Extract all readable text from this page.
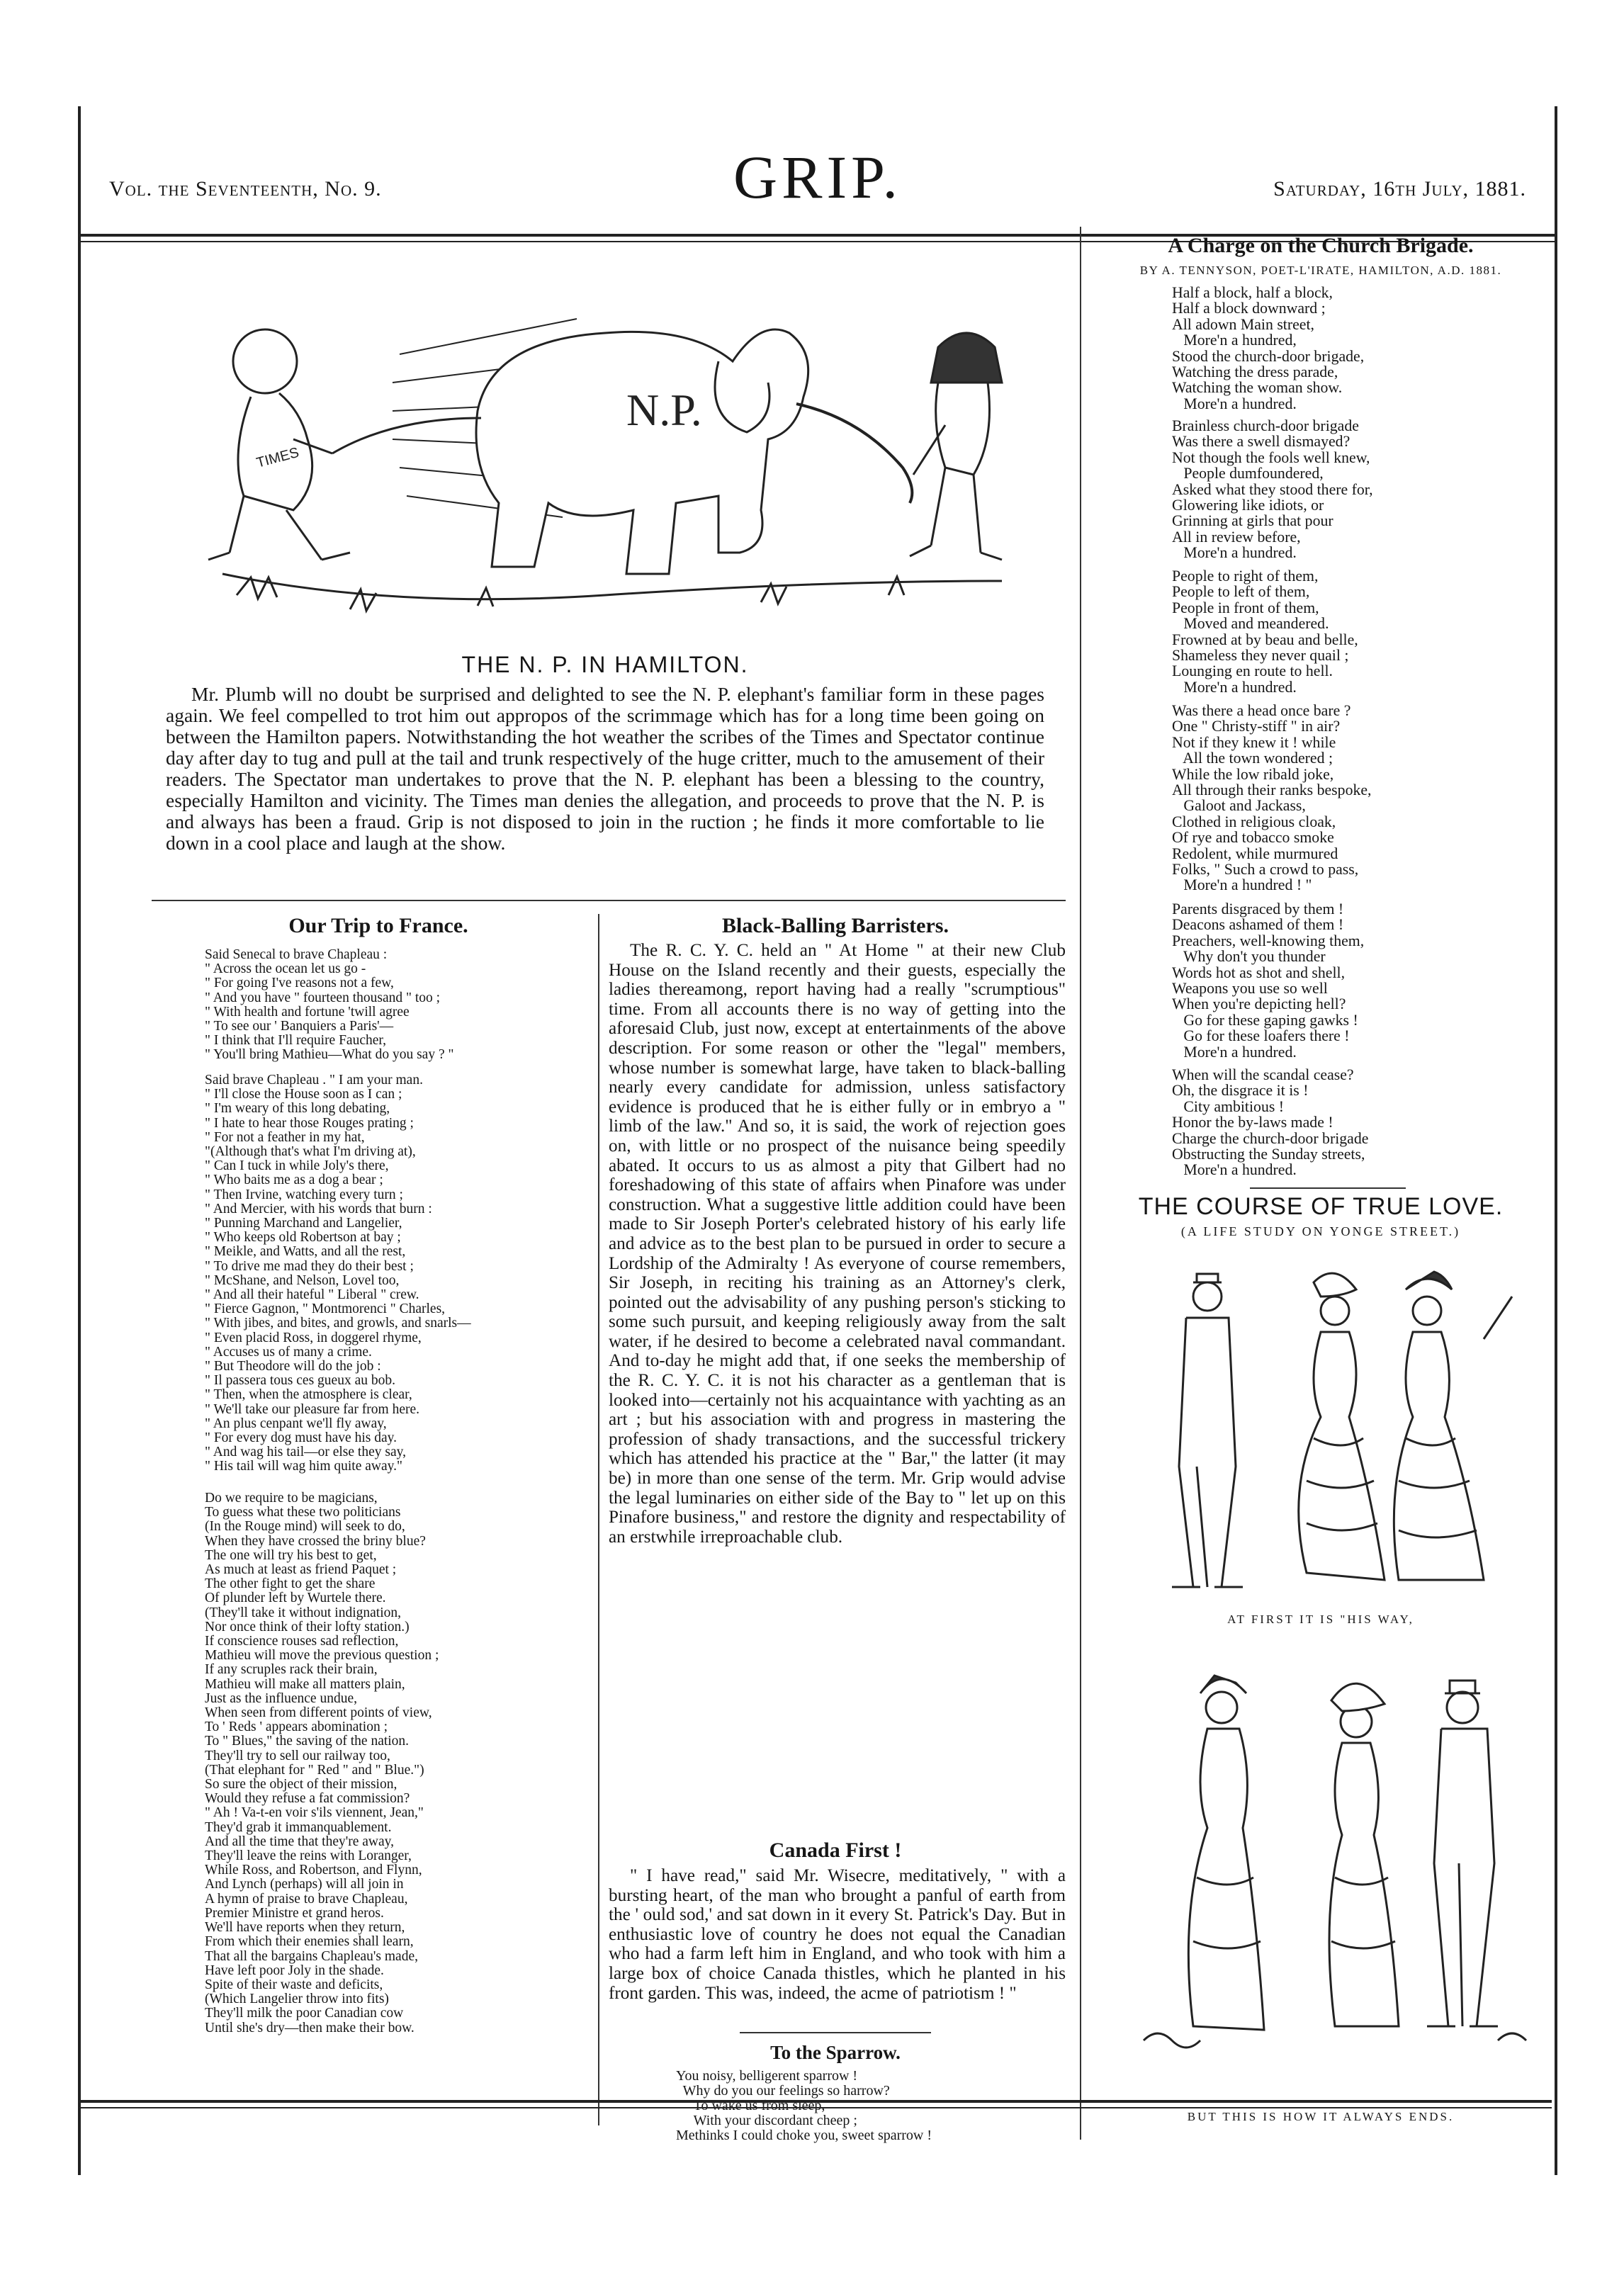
Vol. the Seventeenth, No. 9.	GRIP.	Saturday, 16th July, 1881.
N.P.
TIMES
THE N. P. IN HAMILTON.

Mr. Plumb will no doubt be surprised and delighted to see the N. P. elephant's familiar form in these pages again. We feel compelled to trot him out appropos of the scrimmage which has for a long time been going on between the Hamilton papers. Notwithstanding the hot weather the scribes of the Times and Spectator continue day after day to tug and pull at the tail and trunk respectively of the huge critter, much to the amusement of their readers. The Spectator man undertakes to prove that the N. P. elephant has been a blessing to the country, especially Hamilton and vicinity. The Times man denies the allegation, and proceeds to prove that the N. P. is and always has been a fraud. Grip is not disposed to join in the ruction ; he finds it more comfortable to lie down in a cool place and laugh at the show.

Our Trip to France.
Said Senecal to brave Chapleau :
" Across the ocean let us go -
" For going I've reasons not a few,
" And you have " fourteen thousand " too ;
" With health and fortune 'twill agree
" To see our ' Banquiers a Paris'—
" I think that I'll require Faucher,
" You'll bring Mathieu—What do you say ? "
Said brave Chapleau . " I am your man.
" I'll close the House soon as I can ;
" I'm weary of this long debating,
" I hate to hear those Rouges prating ;
" For not a feather in my hat,
"(Although that's what I'm driving at),
" Can I tuck in while Joly's there,
" Who baits me as a dog a bear ;
" Then Irvine, watching every turn ;
" And Mercier, with his words that burn :
" Punning Marchand and Langelier,
" Who keeps old Robertson at bay ;
" Meikle, and Watts, and all the rest,
" To drive me mad they do their best ;
" McShane, and Nelson, Lovel too,
" And all their hateful " Liberal " crew.
" Fierce Gagnon, " Montmorenci " Charles,
" With jibes, and bites, and growls, and snarls—
" Even placid Ross, in doggerel rhyme,
" Accuses us of many a crime.
" But Theodore will do the job :
" Il passera tous ces gueux au bob.
" Then, when the atmosphere is clear,
" We'll take our pleasure far from here.
" An plus cenpant we'll fly away,
" For every dog must have his day.
" And wag his tail—or else they say,
" His tail will wag him quite away."
Do we require to be magicians,
To guess what these two politicians
(In the Rouge mind) will seek to do,
When they have crossed the briny blue?
The one will try his best to get,
As much at least as friend Paquet ;
The other fight to get the share
Of plunder left by Wurtele there.
(They'll take it without indignation,
Nor once think of their lofty station.)
If conscience rouses sad reflection,
Mathieu will move the previous question ;
If any scruples rack their brain,
Mathieu will make all matters plain,
Just as the influence undue,
When seen from different points of view,
To ' Reds ' appears abomination ;
To " Blues," the saving of the nation.
They'll try to sell our railway too,
(That elephant for " Red " and " Blue.")
So sure the object of their mission,
Would they refuse a fat commission?
" Ah ! Va-t-en voir s'ils viennent, Jean,"
They'd grab it immanquablement.
And all the time that they're away,
They'll leave the reins with Loranger,
While Ross, and Robertson, and Flynn,
And Lynch (perhaps) will all join in
A hymn of praise to brave Chapleau,
Premier Ministre et grand heros.
We'll have reports when they return,
From which their enemies shall learn,
That all the bargains Chapleau's made,
Have left poor Joly in the shade.
Spite of their waste and deficits,
(Which Langelier throw into fits)
They'll milk the poor Canadian cow
Until she's dry—then make their bow.
Black-Balling Barristers.

The R. C. Y. C. held an " At Home " at their new Club House on the Island recently and their guests, especially the ladies thereamong, report having had a really "scrumptious" time. From all accounts there is no way of getting into the aforesaid Club, just now, except at entertainments of the above description. For some reason or other the "legal" members, whose number is somewhat large, have taken to black-balling nearly every candidate for admission, unless satisfactory evidence is produced that he is either fully or in embryo a " limb of the law." And so, it is said, the work of rejection goes on, with little or no prospect of the nuisance being speedily abated. It occurs to us as almost a pity that Gilbert had no foreshadowing of this state of affairs when Pinafore was under construction. What a suggestive little addition could have been made to Sir Joseph Porter's celebrated history of his early life and advice as to the best plan to be pursued in order to secure a Lordship of the Admiralty ! As everyone of course remembers, Sir Joseph, in reciting his training as an Attorney's clerk, pointed out the advisability of any pushing person's sticking to some such pursuit, and keeping religiously away from the salt water, if he desired to become a celebrated naval commandant. And to-day he might add that, if one seeks the membership of the R. C. Y. C. it is not his character as a gentleman that is looked into—certainly not his acquaintance with yachting as an art ; but his association with and progress in mastering the profession of shady transactions, and the successful trickery which has attended his practice at the " Bar," the latter (it may be) in more than one sense of the term. Mr. Grip would advise the legal luminaries on either side of the Bay to " let up on this Pinafore business," and restore the dignity and respectability of an erstwhile irreproachable club.

Canada First !

" I have read," said Mr. Wisecre, meditatively, " with a bursting heart, of the man who brought a panful of earth from the ' ould sod,' and sat down in it every St. Patrick's Day. But in enthusiastic love of country he does not equal the Canadian who had a farm left him in England, and who took with him a large box of choice Canada thistles, which he planted in his front garden. This was, indeed, the acme of patriotism ! "

To the Sparrow.
You noisy, belligerent sparrow !
Why do you our feelings so harrow?
To wake us from sleep,
With your discordant cheep ;
Methinks I could choke you, sweet sparrow !
A Charge on the Church Brigade.
BY A. TENNYSON, POET-L'IRATE, HAMILTON, A.D. 1881.
Half a block, half a block,
Half a block downward ;
All adown Main street,
More'n a hundred,
Stood the church-door brigade,
Watching the dress parade,
Watching the woman show.
More'n a hundred.
Brainless church-door brigade
Was there a swell dismayed?
Not though the fools well knew,
People dumfoundered,
Asked what they stood there for,
Glowering like idiots, or
Grinning at girls that pour
All in review before,
More'n a hundred.
People to right of them,
People to left of them,
People in front of them,
Moved and meandered.
Frowned at by beau and belle,
Shameless they never quail ;
Lounging en route to hell.
More'n a hundred.
Was there a head once bare ?
One " Christy-stiff " in air?
Not if they knew it ! while
All the town wondered ;
While the low ribald joke,
All through their ranks bespoke,
Galoot and Jackass,
Clothed in religious cloak,
Of rye and tobacco smoke
Redolent, while murmured
Folks, " Such a crowd to pass,
More'n a hundred ! "
Parents disgraced by them !
Deacons ashamed of them !
Preachers, well-knowing them,
Why don't you thunder
Words hot as shot and shell,
Weapons you use so well
When you're depicting hell?
Go for these gaping gawks !
Go for these loafers there !
More'n a hundred.
When will the scandal cease?
Oh, the disgrace it is !
City ambitious !
Honor the by-laws made !
Charge the church-door brigade
Obstructing the Sunday streets,
More'n a hundred.
THE COURSE OF TRUE LOVE.
(A LIFE STUDY ON YONGE STREET.)
AT FIRST IT IS "HIS WAY,
BUT THIS IS HOW IT ALWAYS ENDS.
